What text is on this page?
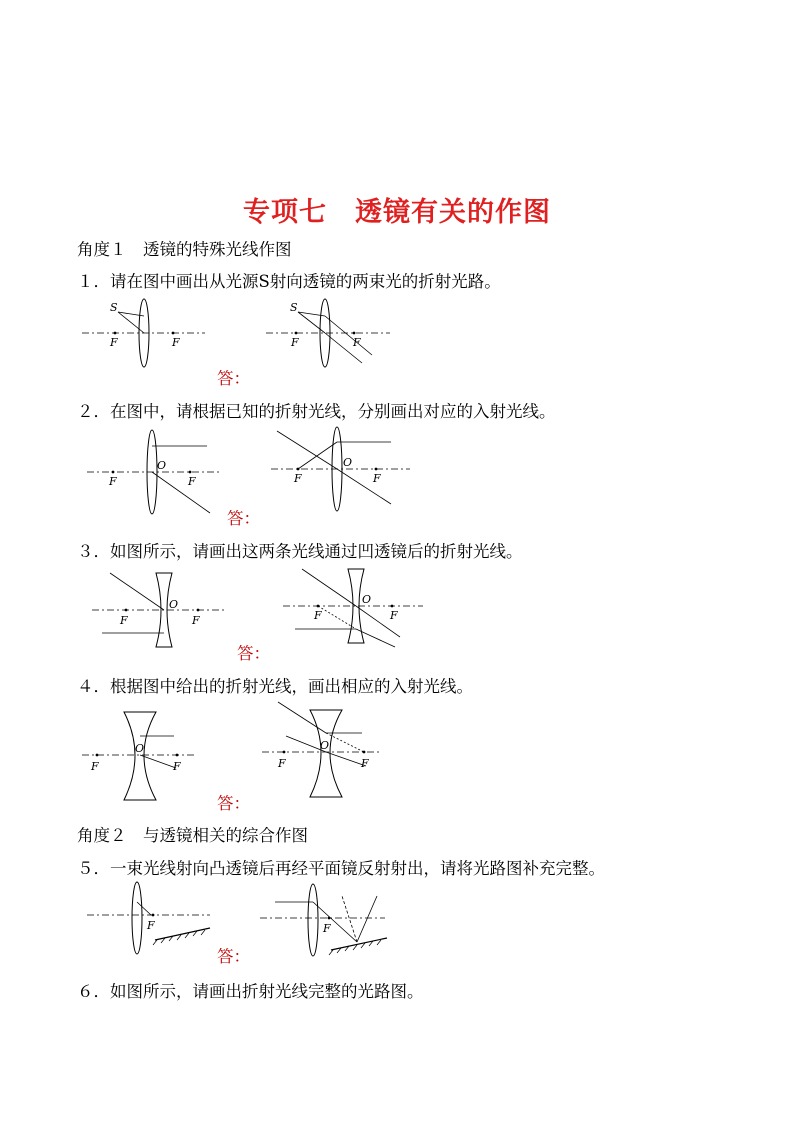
专项七　透镜有关的作图
角度１　透镜的特殊光线作图
１．请在图中画出从光源S射向透镜的两束光的折射光路。
S
F	F
S
F	F
答：
２．在图中，请根据已知的折射光线，分别画出对应的入射光线。
F
O
F	F
O
F
答：
３．如图所示，请画出这两条光线通过凹透镜后的折射光线。
F
O
F	F
O
F
答：
４．根据图中给出的折射光线，画出相应的入射光线。
F
O
F	F
O
F
答：
角度２　与透镜相关的综合作图
５．一束光线射向凸透镜后再经平面镜反射射出，请将光路图补充完整。
F	F
答：
６．如图所示，请画出折射光线完整的光路图。
